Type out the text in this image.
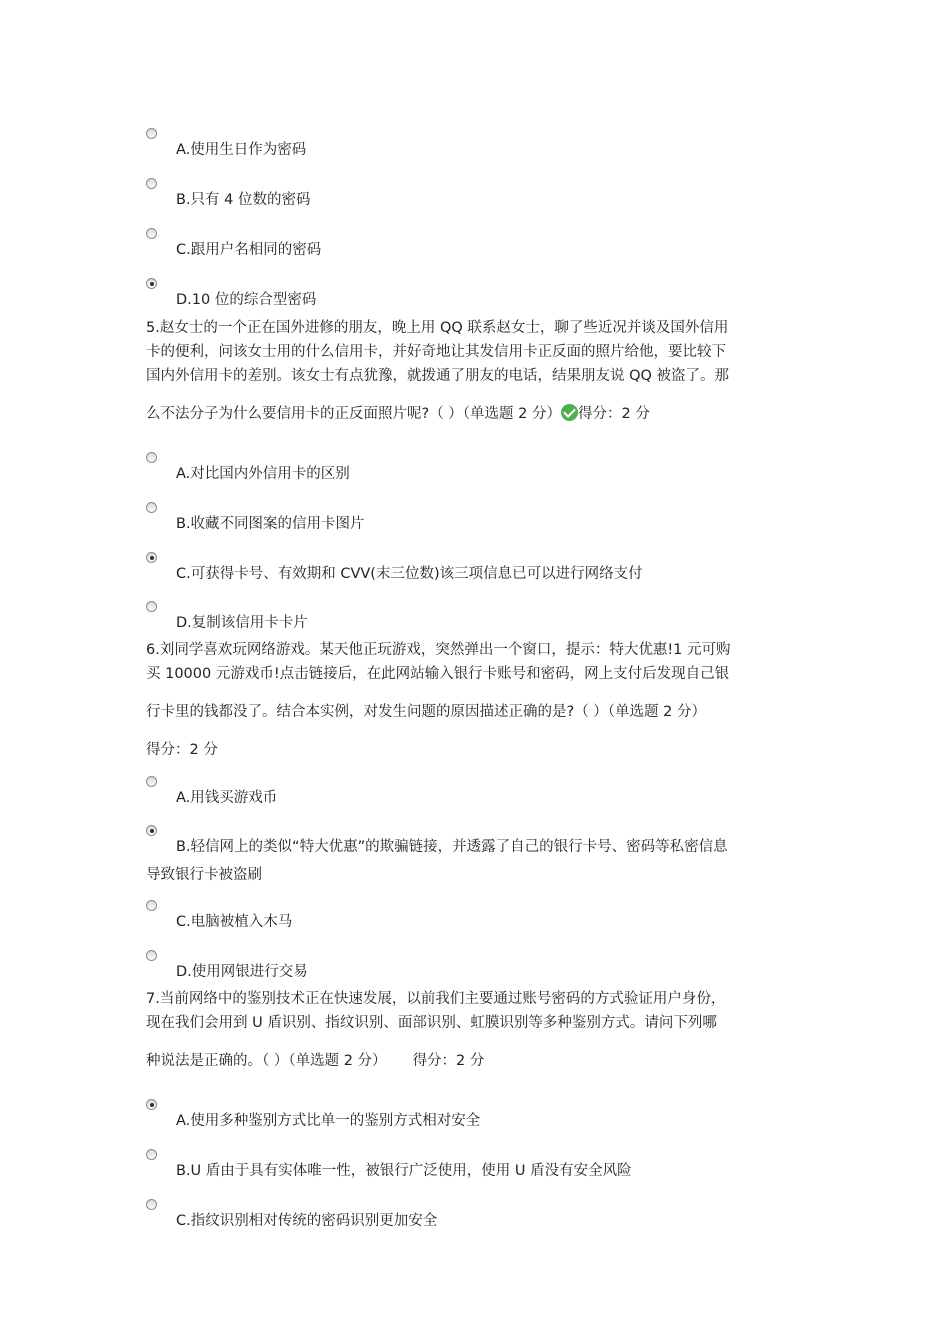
A.使用生日作为密码
B.只有 4 位数的密码
C.跟用户名相同的密码
D.10 位的综合型密码

5.赵女士的一个正在国外进修的朋友，晚上用 QQ 联系赵女士，聊了些近况并谈及国外信用

卡的便利，问该女士用的什么信用卡，并好奇地让其发信用卡正反面的照片给他，要比较下

国内外信用卡的差别。该女士有点犹豫，就拨通了朋友的电话，结果朋友说 QQ 被盗了。那

么不法分子为什么要信用卡的正反面照片呢?（ ）（单选题 2 分） 得分：2 分

A.对比国内外信用卡的区别
B.收藏不同图案的信用卡图片
C.可获得卡号、有效期和 CVV(末三位数)该三项信息已可以进行网络支付
D.复制该信用卡卡片

6.刘同学喜欢玩网络游戏。某天他正玩游戏，突然弹出一个窗口，提示：特大优惠!1 元可购

买 10000 元游戏币!点击链接后，在此网站输入银行卡账号和密码，网上支付后发现自己银

行卡里的钱都没了。结合本实例，对发生问题的原因描述正确的是?（ ）（单选题 2 分）

得分：2 分

A.用钱买游戏币
B.轻信网上的类似“特大优惠”的欺骗链接，并透露了自己的银行卡号、密码等私密信息
导致银行卡被盗刷
C.电脑被植入木马
D.使用网银进行交易

7.当前网络中的鉴别技术正在快速发展，以前我们主要通过账号密码的方式验证用户身份，

现在我们会用到 U 盾识别、指纹识别、面部识别、虹膜识别等多种鉴别方式。请问下列哪

种说法是正确的。（ ）（单选题 2 分） 得分：2 分

A.使用多种鉴别方式比单一的鉴别方式相对安全
B.U 盾由于具有实体唯一性，被银行广泛使用，使用 U 盾没有安全风险
C.指纹识别相对传统的密码识别更加安全
